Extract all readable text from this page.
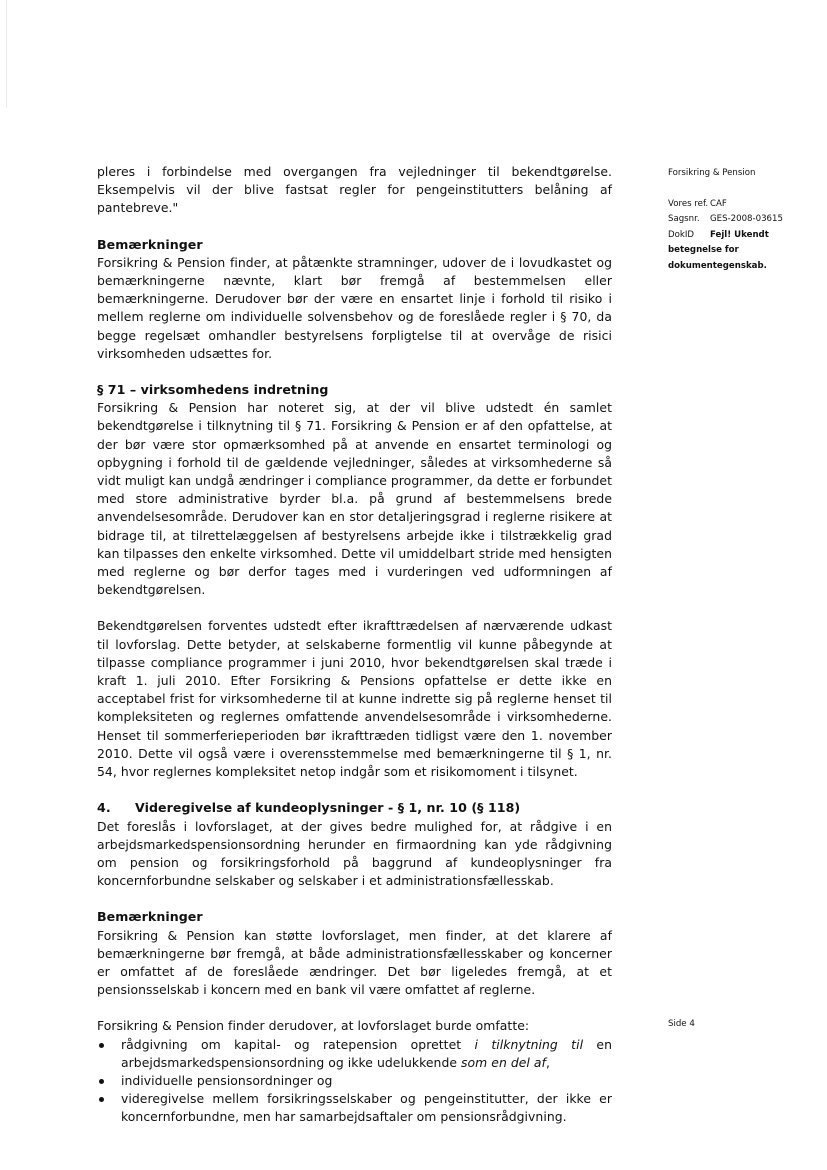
pleres i forbindelse med overgangen fra vejledninger til bekendtgørelse. Eksempelvis vil der blive fastsat regler for pengeinstitutters belåning af pantebreve."

Bemærkninger

Forsikring & Pension finder, at påtænkte stramninger, udover de i lovudkastet og bemærkningerne nævnte, klart bør fremgå af bestemmelsen eller bemærkningerne. Derudover bør der være en ensartet linje i forhold til risiko i mellem reglerne om individuelle solvensbehov og de foreslåede regler i § 70, da begge regelsæt omhandler bestyrelsens forpligtelse til at overvåge de risici virksomheden udsættes for.

§ 71 – virksomhedens indretning

Forsikring & Pension har noteret sig, at der vil blive udstedt én samlet bekendtgørelse i tilknytning til § 71. Forsikring & Pension er af den opfattelse, at der bør være stor opmærksomhed på at anvende en ensartet terminologi og opbygning i forhold til de gældende vejledninger, således at virksomhederne så vidt muligt kan undgå ændringer i compliance programmer, da dette er forbundet med store administrative byrder bl.a. på grund af bestemmelsens brede anvendelsesområde. Derudover kan en stor detaljeringsgrad i reglerne risikere at bidrage til, at tilrettelæggelsen af bestyrelsens arbejde ikke i tilstrækkelig grad kan tilpasses den enkelte virksomhed. Dette vil umiddelbart stride med hensigten med reglerne og bør derfor tages med i vurderingen ved udformningen af bekendtgørelsen.

Bekendtgørelsen forventes udstedt efter ikrafttrædelsen af nærværende udkast til lovforslag. Dette betyder, at selskaberne formentlig vil kunne påbegynde at tilpasse compliance programmer i juni 2010, hvor bekendtgørelsen skal træde i kraft 1. juli 2010. Efter Forsikring & Pensions opfattelse er dette ikke en acceptabel frist for virksomhederne til at kunne indrette sig på reglerne henset til kompleksiteten og reglernes omfattende anvendelsesområde i virksomhederne. Henset til sommerferieperioden bør ikrafttræden tidligst være den 1. november 2010. Dette vil også være i overensstemmelse med bemærkningerne til § 1, nr. 54, hvor reglernes kompleksitet netop indgår som et risikomoment i tilsynet.

4.	Videregivelse af kundeoplysninger - § 1, nr. 10 (§ 118)

Det foreslås i lovforslaget, at der gives bedre mulighed for, at rådgive i en arbejdsmarkedspensionsordning herunder en firmaordning kan yde rådgivning om pension og forsikringsforhold på baggrund af kundeoplysninger fra koncernforbundne selskaber og selskaber i et administrationsfællesskab.

Bemærkninger

Forsikring & Pension kan støtte lovforslaget, men finder, at det klarere af bemærkningerne bør fremgå, at både administrationsfællesskaber og koncerner er omfattet af de foreslåede ændringer. Det bør ligeledes fremgå, at et pensionsselskab i koncern med en bank vil være omfattet af reglerne.

Forsikring & Pension finder derudover, at lovforslaget burde omfatte:

rådgivning om kapital- og ratepension oprettet i tilknytning til en arbejdsmarkedspensionsordning og ikke udelukkende som en del af,
individuelle pensionsordninger og
videregivelse mellem forsikringsselskaber og pengeinstitutter, der ikke er koncernforbundne, men har samarbejdsaftaler om pensionsrådgivning.
Forsikring & Pension
Vores ref. CAF
Sagsnr.	GES-2008-03615
DokID	Fejl! Ukendt
betegnelse for dokumentegenskab.
Side 4
